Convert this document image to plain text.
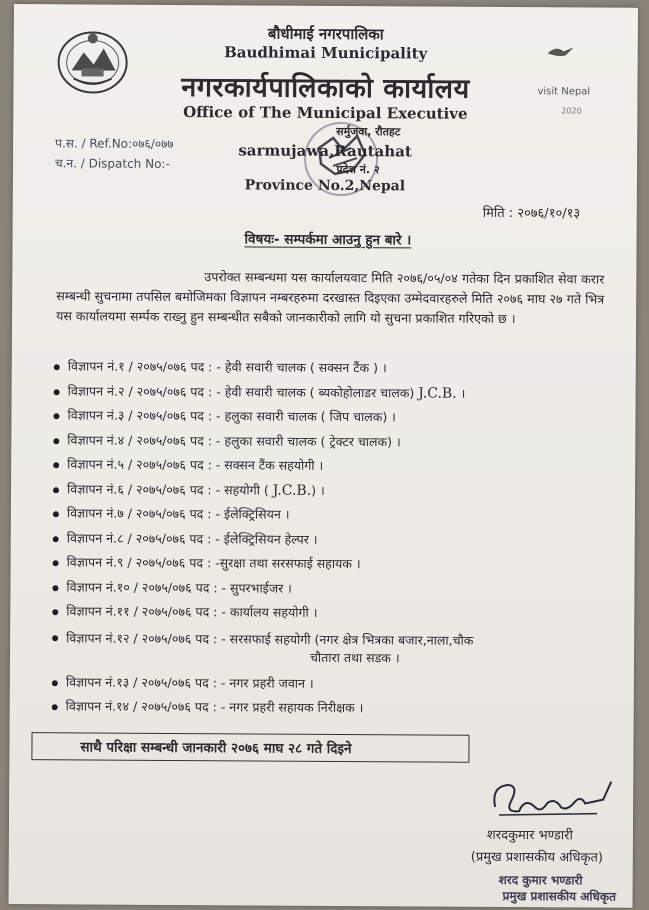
visit Nepal
2020
बौधीमाई नगरपालिका
Baudhimai Municipality
नगरकार्यपालिकाको कार्यालय
Office of The Municipal Executive
सर्मुजवा, रौतहट
sarmujawa,Rautahat
प्रदेश नं. २
Province No.2,Nepal
प.स. / Ref.No:०७६/०७७
च.न. / Dispatch No:-
मिति : २०७६/१०/१३
विषयः- सम्पर्कमा आउनु हुन बारे ।
उपरोक्त सम्बन्धमा यस कार्यालयवाट मिति २०७६/०५/०४ गतेका दिन प्रकाशित सेवा करार सम्बन्धी सुचनामा तपसिल बमोजिमका विज्ञापन नम्बरहरुमा दरखास्त दिइएका उम्मेदवारहरुले मिति २०७६ माघ २७ गते भित्र यस कार्यालयमा सर्म्पक राख्नु हुन सम्बन्धीत सबैको जानकारीको लागि यो सुचना प्रकाशित गरिएको छ ।
विज्ञापन नं.१ / २०७५/०७६ पद : - हेवी सवारी चालक ( सक्सन टैंक ) ।
विज्ञापन नं.२ / २०७५/०७६ पद : - हेवी सवारी चालक ( ब्यकोहोलाडर चालक) J.C.B. ।
विज्ञापन नं.३ / २०७५/०७६ पद : - हलुका सवारी चालक ( जिप चालक) ।
विज्ञापन नं.४ / २०७५/०७६ पद : - हलुका सवारी चालक ( ट्रेक्टर चालक) ।
विज्ञापन नं.५ / २०७५/०७६ पद : - सक्सन टैंक सहयोगी ।
विज्ञापन नं.६ / २०७५/०७६ पद : - सहयोगी ( J.C.B.) ।
विज्ञापन नं.७ / २०७५/०७६ पद : - ईलेक्ट्रिसियन ।
विज्ञापन नं.८ / २०७५/०७६ पद : - ईलेक्ट्रिसियन हेल्पर ।
विज्ञापन नं.९ / २०७५/०७६ पद : -सुरक्षा तथा सरसफाई सहायक ।
विज्ञापन नं.१० / २०७५/०७६ पद : - सुपरभाईजर ।
विज्ञापन नं.११ / २०७५/०७६ पद : - कार्यालय सहयोगी ।
विज्ञापन नं.१२ / २०७५/०७६ पद : - सरसफाई सहयोगी (नगर क्षेत्र भित्रका बजार,नाला,चौक
चौतारा तथा सडक ।
विज्ञापन नं.१३ / २०७५/०७६ पद : - नगर प्रहरी जवान ।
विज्ञापन नं.१४ / २०७५/०७६ पद : - नगर प्रहरी सहायक निरीक्षक ।
साथै परिक्षा सम्बन्धी जानकारी २०७६ माघ २८ गते दिइने
शरदकुमार भण्डारी
(प्रमुख प्रशासकीय अधिकृत)
शरद कुमार भण्डारी
प्रमुख प्रशासकीय अधिकृत
